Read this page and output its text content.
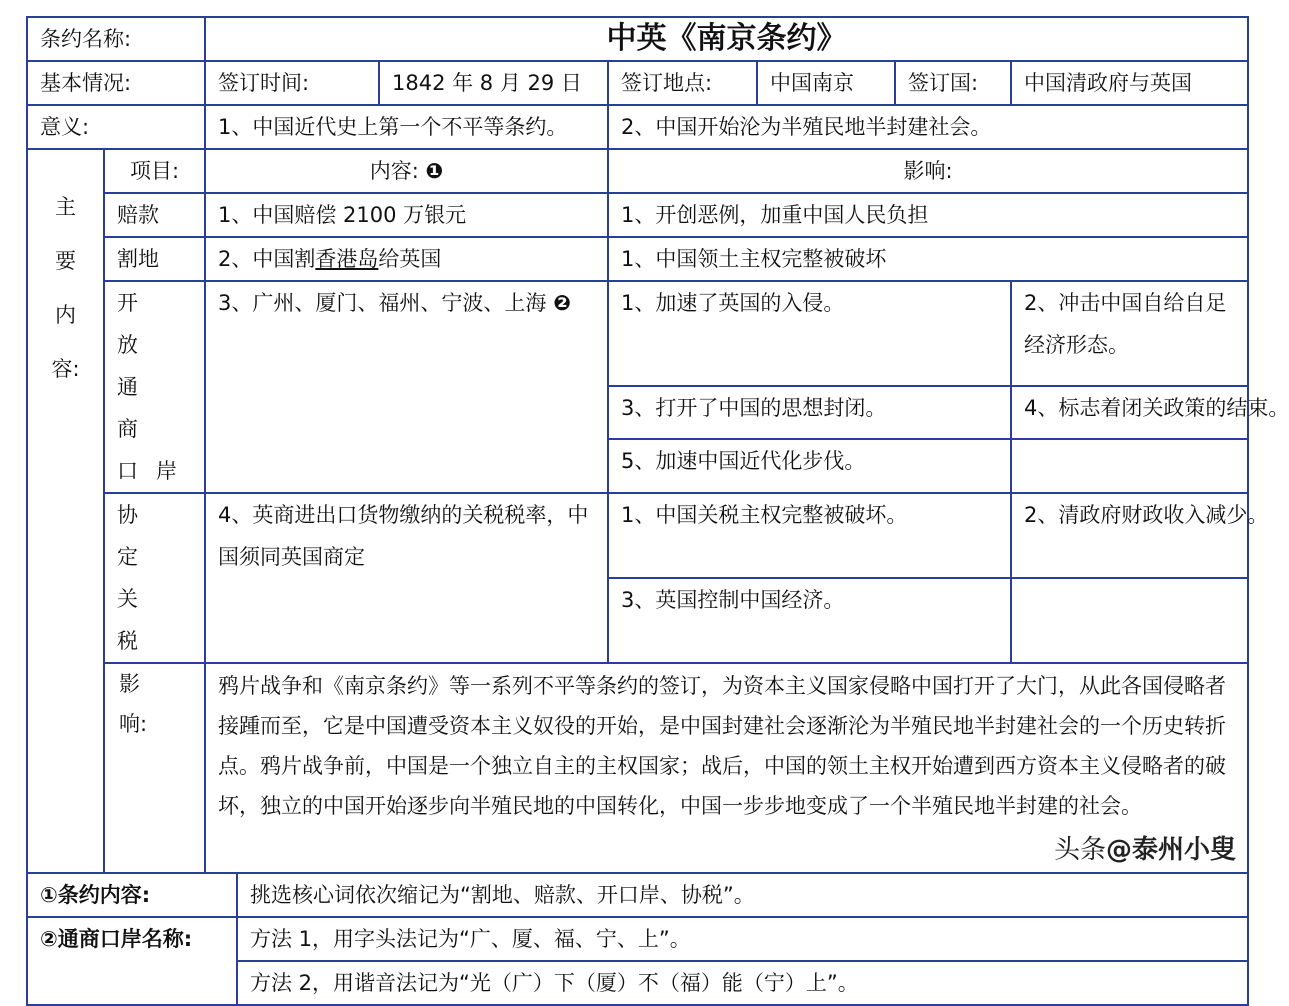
条约名称:		中英《南京条约》					
基本情况:		签订时间:	1842 年 8 月 29 日	签订地点:	中国南京	签订国:	中国清政府与英国
意义:		1、中国近代史上第一个不平等条约。		2、中国开始沦为半殖民地半封建社会。			
主
要
内
容:	项目:	内容: ❶		影响:			
	赔款	1、中国赔偿 2100 万银元		1、开创恶例，加重中国人民负担			
	割地	2、中国割香港岛给英国		1、中国领土主权完整被破坏			
	开 放 通 商 口岸	3、广州、厦门、福州、宁波、上海 ❷		1、加速了英国的入侵。			2、冲击中国自给自足经济形态。
				3、打开了中国的思想封闭。			4、标志着闭关政策的结束。
				5、加速中国近代化步伐。			
	协 定 关 税	4、英商进出口货物缴纳的关税税率，中国须同英国商定		1、中国关税主权完整被破坏。			2、清政府财政收入减少。
				3、英国控制中国经济。			
	影
响:	鸦片战争和《南京条约》等一系列不平等条约的签订，为资本主义国家侵略中国打开了大门，从此各国侵略者接踵而至，它是中国遭受资本主义奴役的开始，是中国封建社会逐渐沦为半殖民地半封建社会的一个历史转折点。鸦片战争前，中国是一个独立自主的主权国家；战后，中国的领土主权开始遭到西方资本主义侵略者的破坏，独立的中国开始逐步向半殖民地的中国转化，中国一步步地变成了一个半殖民地半封建的社会。					
①条约内容:	挑选核心词依次缩记为“割地、赔款、开口岸、协税”。
②通商口岸名称:	方法 1，用字头法记为“广、厦、福、宁、上”。
	方法 2，用谐音法记为“光（广）下（厦）不（福）能（宁）上”。
头条@泰州小叟
